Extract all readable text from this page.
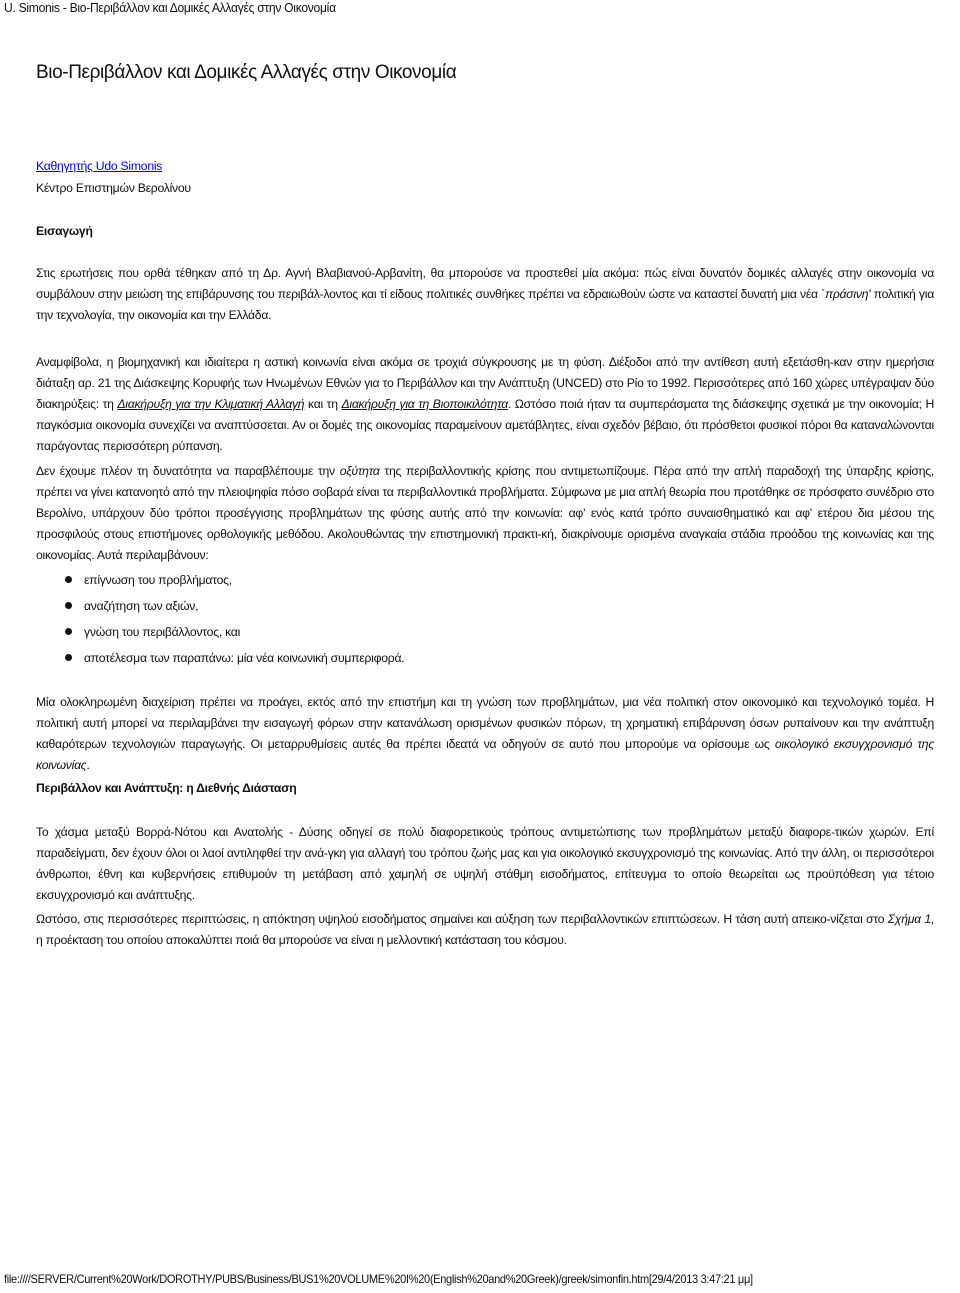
U. Simonis - Βιο-Περιβάλλον και Δομικές Αλλαγές στην Οικονομία
Βιο-Περιβάλλον και Δομικές Αλλαγές στην Οικονομία

Καθηγητής Udo Simonis

Κέντρο Επιστημών Βερολίνου

Εισαγωγή

Στις ερωτήσεις που ορθά τέθηκαν από τη Δρ. Αγνή Βλαβιανού-Αρβανίτη, θα μπορούσε να προστεθεί μία ακόμα: πώς είναι δυνατόν δομικές αλλαγές στην οικονομία να συμβάλουν στην μειώση της επιβάρυνσης του περιβάλ-λοντος και τί είδους πολιτικές συνθήκες πρέπει να εδραιωθούν ώστε να καταστεί δυνατή μια νέα `πράσινη' πολιτική για την τεχνολογία, την οικονομία και την Ελλάδα.

Αναμφίβολα, η βιομηχανική και ιδιαίτερα η αστική κοινωνία είναι ακόμα σε τροχιά σύγκρουσης με τη φύση. Διέξοδοι από την αντίθεση αυτή εξετάσθη-καν στην ημερήσια διάταξη αρ. 21 της Διάσκεψης Κορυφής των Ηνωμένων Εθνών για το Περιβάλλον και την Ανάπτυξη (UNCED) στο Ρίο το 1992. Περισσότερες από 160 χώρες υπέγραψαν δύο διακηρύξεις: τη Διακήρυξη για την Κλιματική Αλλαγή και τη Διακήρυξη για τη Βιοποικιλότητα. Ωστόσο ποιά ήταν τα συμπεράσματα της διάσκεψης σχετικά με την οικονομία; Η παγκόσμια οικονομία συνεχίζει να αναπτύσσεται. Αν οι δομές της οικονομίας παραμείνουν αμετάβλητες, είναι σχεδόν βέβαιο, ότι πρόσθετοι φυσικοί πόροι θα καταναλώνονται παράγοντας περισσότερη ρύπανση.

Δεν έχουμε πλέον τη δυνατότητα να παραβλέπουμε την οξύτητα της περιβαλλοντικής κρίσης που αντιμετωπίζουμε. Πέρα από την απλή παραδοχή της ύπαρξης κρίσης, πρέπει να γίνει κατανοητό από την πλειοψηφία πόσο σοβαρά είναι τα περιβαλλοντικά προβλήματα. Σύμφωνα με μια απλή θεωρία που προτάθηκε σε πρόσφατο συνέδριο στο Βερολίνο, υπάρχουν δύο τρόποι προσέγγισης προβλημάτων της φύσης αυτής από την κοινωνία: αφ' ενός κατά τρόπο συναισθηματικό και αφ' ετέρου δια μέσου της προσφιλούς στους επιστήμονες ορθολογικής μεθόδου. Ακολουθώντας την επιστημονική πρακτι-κή, διακρίνουμε ορισμένα αναγκαία στάδια προόδου της κοινωνίας και της οικονομίας. Αυτά περιλαμβάνουν:

επίγνωση του προβλήματος,
αναζήτηση των αξιών,
γνώση του περιβάλλοντος, και
αποτέλεσμα των παραπάνω: μία νέα κοινωνική συμπεριφορά.

Μία ολοκληρωμένη διαχείριση πρέπει να προάγει, εκτός από την επιστήμη και τη γνώση των προβλημάτων, μια νέα πολιτική στον οικονομικό και τεχνολογικό τομέα. Η πολιτική αυτή μπορεί να περιλαμβάνει την εισαγωγή φόρων στην κατανάλωση ορισμένων φυσικών πόρων, τη χρηματική επιβάρυνση όσων ρυπαίνουν και την ανάπτυξη καθαρότερων τεχνολογιών παραγωγής. Οι μεταρρυθμίσεις αυτές θα πρέπει ιδεατά να οδηγούν σε αυτό που μπορούμε να ορίσουμε ως οικολογικό εκσυγχρονισμό της κοινωνίας.

Περιβάλλον και Ανάπτυξη: η Διεθνής Διάσταση

Το χάσμα μεταξύ Βορρά-Νότου και Ανατολής - Δύσης οδηγεί σε πολύ διαφορετικούς τρόπους αντιμετώπισης των προβλημάτων μεταξύ διαφορε-τικών χωρών. Επί παραδείγματι, δεν έχουν όλοι οι λαοί αντιληφθεί την ανά-γκη για αλλαγή του τρόπου ζωής μας και για οικολογικό εκσυγχρονισμό της κοινωνίας. Από την άλλη, οι περισσότεροι άνθρωποι, έθνη και κυβερνήσεις επιθυμούν τη μετάβαση από χαμηλή σε υψηλή στάθμη εισοδήματος, επίτευγμα το οποίο θεωρείται ως προϋπόθεση για τέτοιο εκσυγχρονισμό και ανάπτυξης.

Ωστόσο, στις περισσότερες περιπτώσεις, η απόκτηση υψηλού εισοδήματος σημαίνει και αύξηση των περιβαλλοντικών επιπτώσεων. Η τάση αυτή απεικο-νίζεται στο Σχήμα 1, η προέκταση του οποίου αποκαλύπτει ποιά θα μπορούσε να είναι η μελλοντική κατάσταση του κόσμου.

file:////SERVER/Current%20Work/DOROTHY/PUBS/Business/BUS1%20VOLUME%20I%20(English%20and%20Greek)/greek/simonfin.htm[29/4/2013 3:47:21 μμ]
